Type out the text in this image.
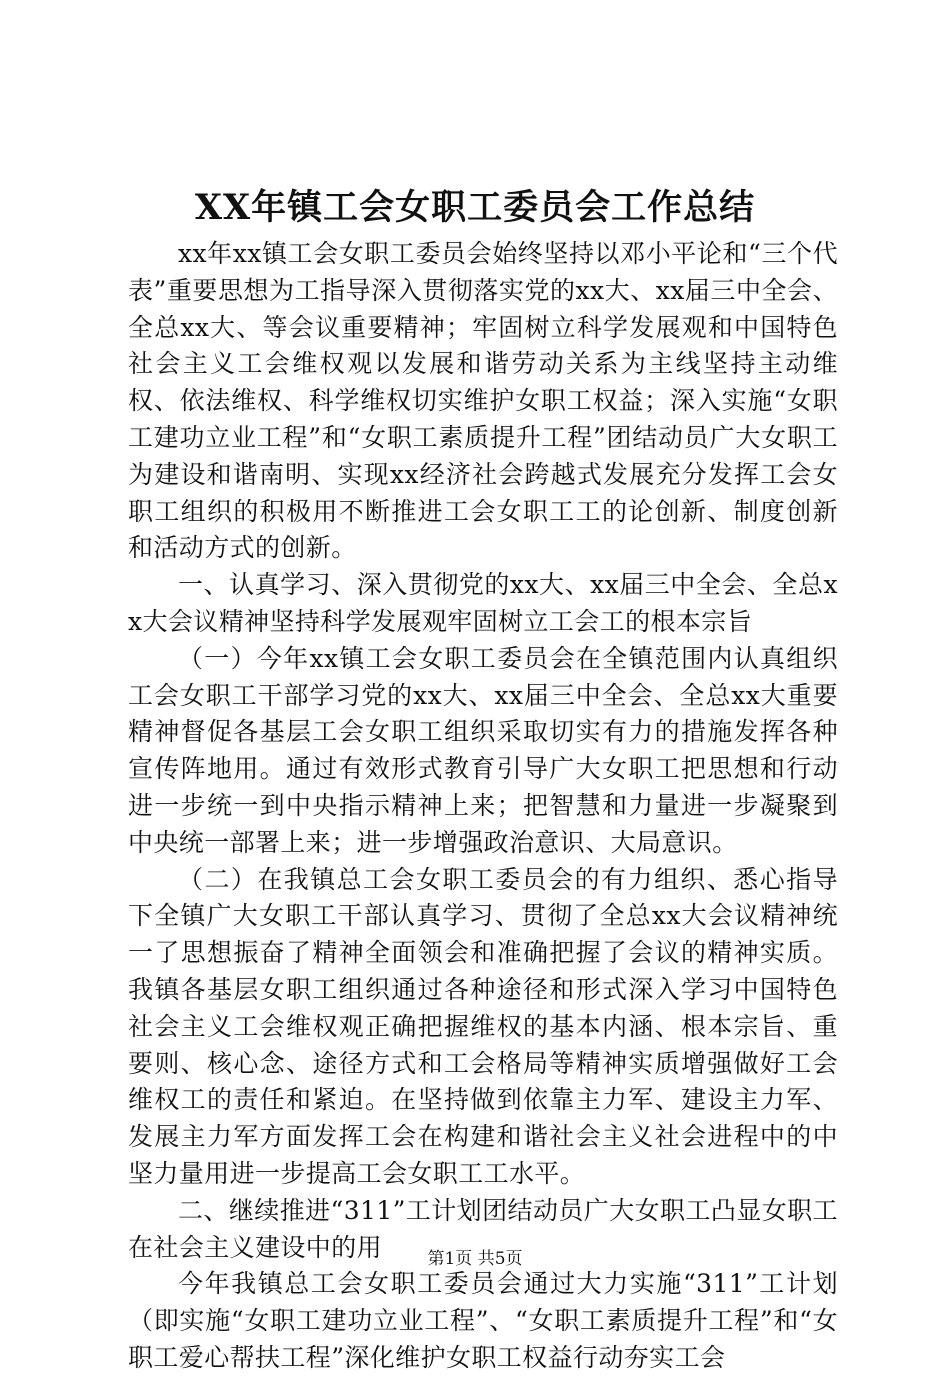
XX年镇工会女职工委员会工作总结

xx年xx镇工会女职工委员会始终坚持以邓小平论和“三个代表”重要思想为工指导深入贯彻落实党的xx大、xx届三中全会、全总xx大、等会议重要精神；牢固树立科学发展观和中国特色社会主义工会维权观以发展和谐劳动关系为主线坚持主动维权、依法维权、科学维权切实维护女职工权益；深入实施“女职工建功立业工程”和“女职工素质提升工程”团结动员广大女职工为建设和谐南明、实现xx经济社会跨越式发展充分发挥工会女职工组织的积极用不断推进工会女职工工的论创新、制度创新和活动方式的创新。

一、认真学习、深入贯彻党的xx大、xx届三中全会、全总xx大会议精神坚持科学发展观牢固树立工会工的根本宗旨

（一）今年xx镇工会女职工委员会在全镇范围内认真组织工会女职工干部学习党的xx大、xx届三中全会、全总xx大重要精神督促各基层工会女职工组织采取切实有力的措施发挥各种宣传阵地用。通过有效形式教育引导广大女职工把思想和行动进一步统一到中央指示精神上来；把智慧和力量进一步凝聚到中央统一部署上来；进一步增强政治意识、大局意识。

（二）在我镇总工会女职工委员会的有力组织、悉心指导下全镇广大女职工干部认真学习、贯彻了全总xx大会议精神统一了思想振奋了精神全面领会和准确把握了会议的精神实质。我镇各基层女职工组织通过各种途径和形式深入学习中国特色社会主义工会维权观正确把握维权的基本内涵、根本宗旨、重要则、核心念、途径方式和工会格局等精神实质增强做好工会维权工的责任和紧迫。在坚持做到依靠主力军、建设主力军、发展主力军方面发挥工会在构建和谐社会主义社会进程中的中坚力量用进一步提高工会女职工工水平。

二、继续推进“311”工计划团结动员广大女职工凸显女职工在社会主义建设中的用

今年我镇总工会女职工委员会通过大力实施“311”工计划（即实施“女职工建功立业工程”、“女职工素质提升工程”和“女职工爱心帮扶工程”深化维护女职工权益行动夯实工会

第1页 共5页
